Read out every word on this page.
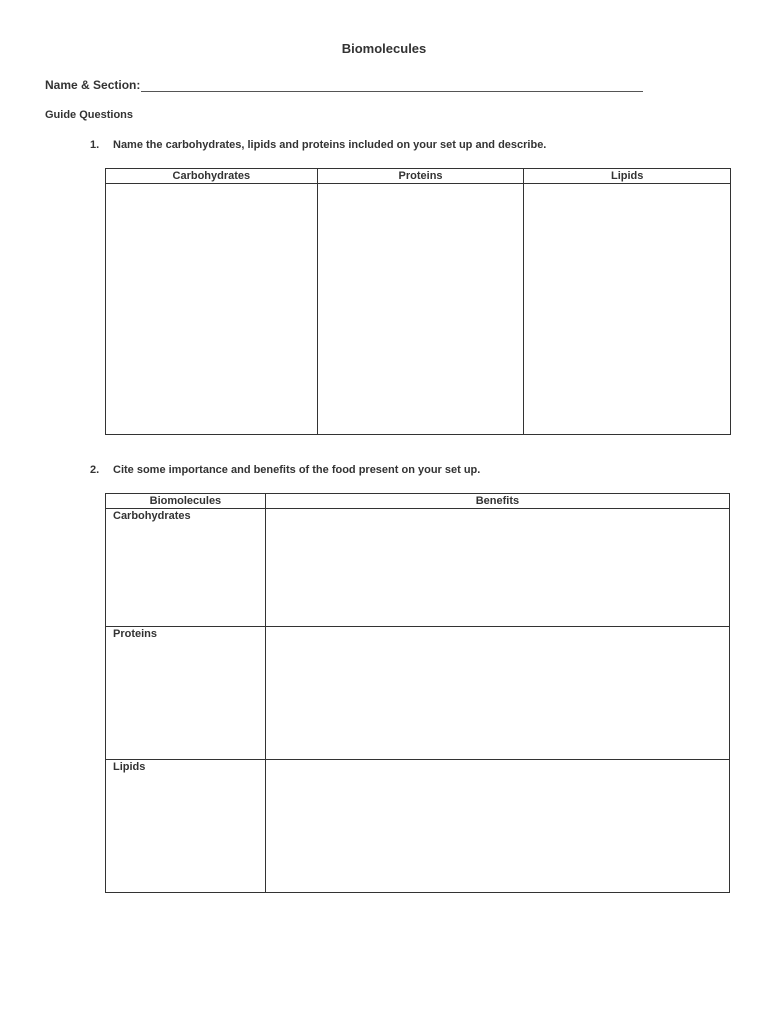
Biomolecules
Name & Section:
Guide Questions
1. Name the carbohydrates, lipids and proteins included on your set up and describe.
Carbohydrates	Proteins	Lipids

2. Cite some importance and benefits of the food present on your set up.
Biomolecules	Benefits
Carbohydrates	
Proteins	
Lipids	
